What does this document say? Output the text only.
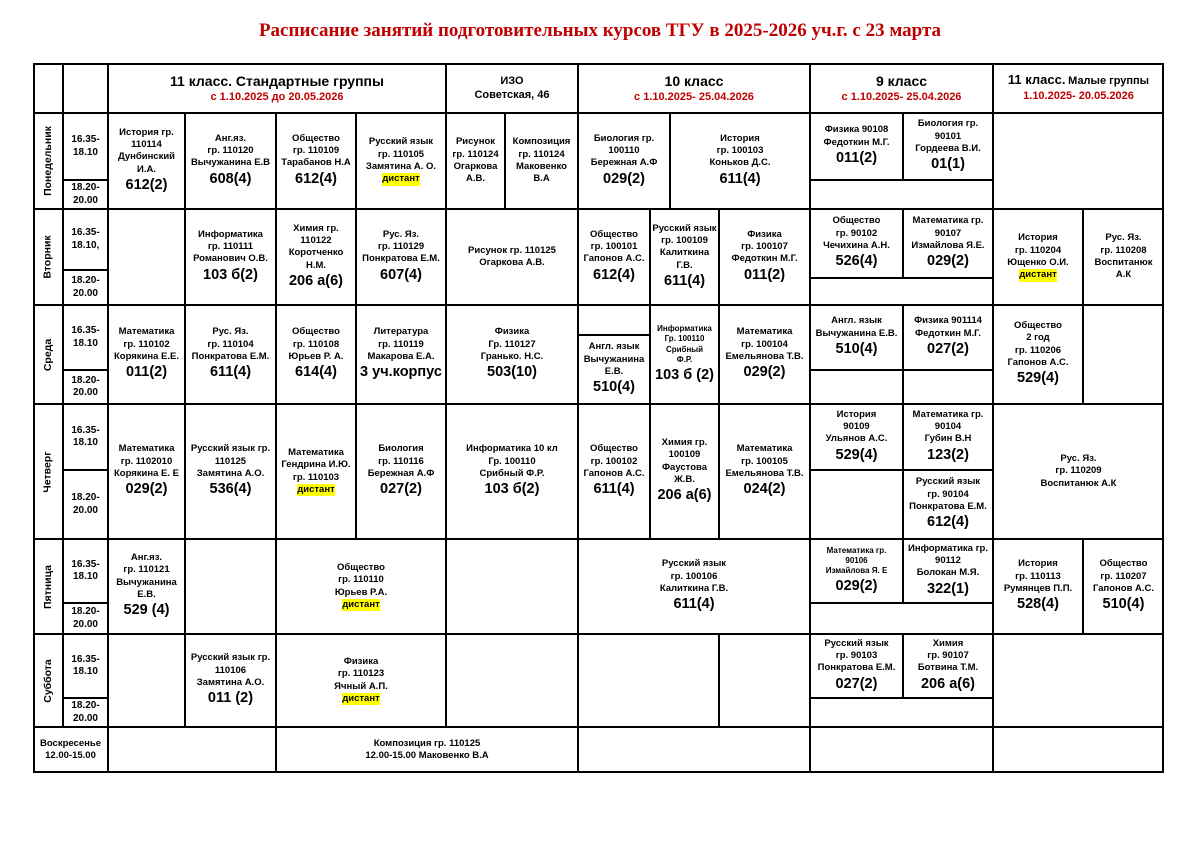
Расписание занятий подготовительных курсов ТГУ в 2025-2026 уч.г. с 23 марта
11 класс. Стандартные группы
с 1.10.2025 до 20.05.2026
ИЗО
Советская, 46
10 класс
с 1.10.2025- 25.04.2026
9 класс
с 1.10.2025- 25.04.2026
11 класс. Малые группы
1.10.2025- 20.05.2026
Понедельник 16.35-
18.10
18.20-
20.00
История гр.
110114
Дунбинский
И.А.
612(2)
Анг.яз.
гр. 110120
Вычужанина Е.В
608(4)
Общество
гр. 110109
Тарабанов Н.А
612(4)
Русский язык
гр. 110105
Замятина А. О.
дистант
Рисунок
гр. 110124
Огаркова
А.В.
Композиция
гр. 110124
Маковенко
В.А
Биология гр.
100110
Бережная А.Ф
029(2)
История
гр. 100103
Коньков Д.С.
611(4)
Физика 90108
Федоткин М.Г.
011(2)
Биология гр.
90101
Гордеева В.И.
01(1)
Вторник
16.35-
18.10,
18.20-
20.00
Информатика
гр. 110111
Романович О.В.
103 б(2)
Химия гр.
110122
Коротченко
Н.М.
206 а(6)
Рус. Яз.
гр. 110129
Понкратова Е.М.
607(4)
Рисунок гр. 110125
Огаркова А.В.
Общество
гр. 100101
Гапонов А.С.
612(4)
Русский язык
гр. 100109
Калиткина
Г.В.
611(4)
Физика
гр. 100107
Федоткин М.Г.
011(2)
Общество
гр. 90102
Чечихина А.Н.
526(4)
Математика гр.
90107
Измайлова Я.Е.
029(2)
История
гр. 110204
Ющенко О.И.
дистант
Рус. Яз.
гр. 110208
Воспитанюк
А.К
Среда
16.35-
18.10
18.20-
20.00
Математика
гр. 110102
Корякина Е.Е.
011(2)
Рус. Яз.
гр. 110104
Понкратова Е.М.
611(4)
Общество
гр. 110108
Юрьев Р. А.
614(4)
Литература
гр. 110119
Макарова Е.А.
3 уч.корпус
Физика
Гр. 110127
Гранько. Н.С.
503(10)
Англ. язык
Вычужанина
Е.В.
510(4)
Информатика
Гр. 100110
Срибный
Ф.Р.
103 б (2)
Математика
гр. 100104
Емельянова Т.В.
029(2)
Англ. язык
Вычужанина Е.В.
510(4)
Физика 901114
Федоткин М.Г.
027(2)
Общество
2 год
гр. 110206
Гапонов А.С.
529(4)
Четверг
16.35-
18.10
18.20-
20.00
Математика
гр. 1102010
Корякина Е. Е
029(2)
Русский язык гр.
110125
Замятина А.О.
536(4)
Математика
Гендрина И.Ю.
гр. 110103
дистант
Биология
гр. 110116
Бережная А.Ф
027(2)
Информатика 10 кл
Гр. 100110
Срибный Ф.Р.
103 б(2)
Общество
гр. 100102
Гапонов А.С.
611(4)
Химия гр.
100109
Фаустова
Ж.В.
206 а(6)
Математика
гр. 100105
Емельянова Т.В.
024(2)
История
90109
Ульянов А.С.
529(4)
Математика гр.
90104
Губин В.Н
123(2)
Русский язык
гр. 90104
Понкратова Е.М.
612(4)
Рус. Яз.
гр. 110209
Воспитанюк А.К
Пятница
16.35-
18.10
18.20-
20.00
Анг.яз.
гр. 110121
Вычужанина
Е.В.
529 (4)
Общество
гр. 110110
Юрьев Р.А.
дистант
Русский язык
гр. 100106
Калиткина Г.В.
611(4)
Математика гр.
90106
Измайлова Я. Е
029(2)
Информатика гр.
90112
Болокан М.Я.
322(1)
История
гр. 110113
Румянцев П.П.
528(4)
Общество
гр. 110207
Гапонов А.С.
510(4)
Суббота 16.35-
18.10
18.20-
20.00
Русский язык гр.
110106
Замятина А.О.
011 (2)
Физика
гр. 110123
Ячный А.П.
дистант
Русский язык
гр. 90103
Понкратова Е.М.
027(2)
Химия
гр. 90107
Ботвина Т.М.
206 а(6)
Воскресенье
12.00-15.00
Композиция гр. 110125
12.00-15.00 Маковенко В.А
